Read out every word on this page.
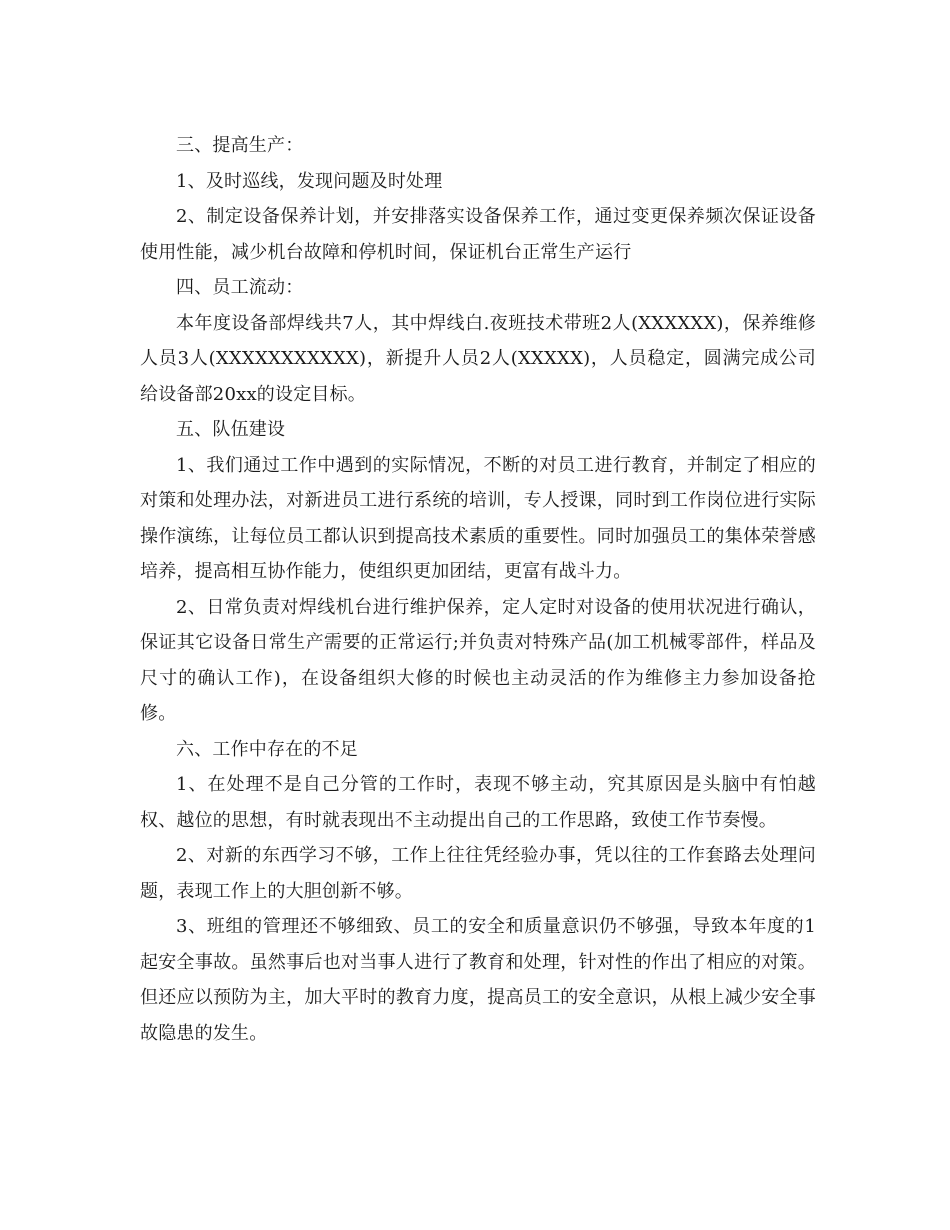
三、提高生产：

1、及时巡线，发现问题及时处理

2、制定设备保养计划，并安排落实设备保养工作，通过变更保养频次保证设备使用性能，减少机台故障和停机时间，保证机台正常生产运行

四、员工流动：

本年度设备部焊线共7人，其中焊线白.夜班技术带班2人(XXXXXX)，保养维修人员3人(XXXXXXXXXXX)，新提升人员2人(XXXXX)，人员稳定，圆满完成公司给设备部20xx的设定目标。

五、队伍建设

1、我们通过工作中遇到的实际情况，不断的对员工进行教育，并制定了相应的对策和处理办法，对新进员工进行系统的培训，专人授课，同时到工作岗位进行实际操作演练，让每位员工都认识到提高技术素质的重要性。同时加强员工的集体荣誉感培养，提高相互协作能力，使组织更加团结，更富有战斗力。

2、日常负责对焊线机台进行维护保养，定人定时对设备的使用状况进行确认，保证其它设备日常生产需要的正常运行;并负责对特殊产品(加工机械零部件，样品及尺寸的确认工作)，在设备组织大修的时候也主动灵活的作为维修主力参加设备抢修。

六、工作中存在的不足

1、在处理不是自己分管的工作时，表现不够主动，究其原因是头脑中有怕越权、越位的思想，有时就表现出不主动提出自己的工作思路，致使工作节奏慢。

2、对新的东西学习不够，工作上往往凭经验办事，凭以往的工作套路去处理问题，表现工作上的大胆创新不够。

3、班组的管理还不够细致、员工的安全和质量意识仍不够强，导致本年度的1起安全事故。虽然事后也对当事人进行了教育和处理，针对性的作出了相应的对策。但还应以预防为主，加大平时的教育力度，提高员工的安全意识，从根上减少安全事故隐患的发生。
